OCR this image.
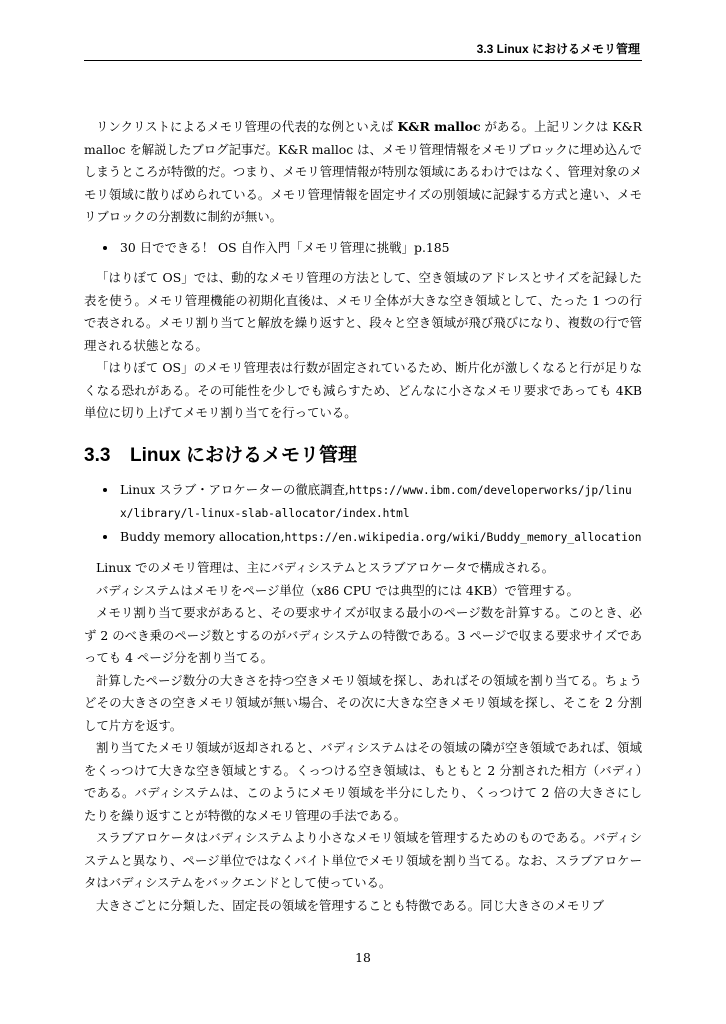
3.3 Linux におけるメモリ管理

リンクリストによるメモリ管理の代表的な例といえば K&R malloc がある。上記リンクは K&R malloc を解説したブログ記事だ。K&R malloc は、メモリ管理情報をメモリブロックに埋め込んでしまうところが特徴的だ。つまり、メモリ管理情報が特別な領域にあるわけではなく、管理対象のメモリ領域に散りばめられている。メモリ管理情報を固定サイズの別領域に記録する方式と違い、メモリブロックの分割数に制約が無い。

• 30 日でできる！ OS 自作入門「メモリ管理に挑戦」p.185

「はりぼて OS」では、動的なメモリ管理の方法として、空き領域のアドレスとサイズを記録した表を使う。メモリ管理機能の初期化直後は、メモリ全体が大きな空き領域として、たった 1 つの行で表される。メモリ割り当てと解放を繰り返すと、段々と空き領域が飛び飛びになり、複数の行で管理される状態となる。

「はりぼて OS」のメモリ管理表は行数が固定されているため、断片化が激しくなると行が足りなくなる恐れがある。その可能性を少しでも減らすため、どんなに小さなメモリ要求であっても 4KB 単位に切り上げてメモリ割り当てを行っている。

3.3 Linux におけるメモリ管理
• Linux スラブ・アロケーターの徹底調査,https://www.ibm.com/developerworks/jp/linux/library/l-linux-slab-allocator/index.html
• Buddy memory allocation,https://en.wikipedia.org/wiki/Buddy_memory_allocation

Linux でのメモリ管理は、主にバディシステムとスラブアロケータで構成される。

バディシステムはメモリをページ単位（x86 CPU では典型的には 4KB）で管理する。

メモリ割り当て要求があると、その要求サイズが収まる最小のページ数を計算する。このとき、必ず 2 のべき乗のページ数とするのがバディシステムの特徴である。3 ページで収まる要求サイズであっても 4 ページ分を割り当てる。

計算したページ数分の大きさを持つ空きメモリ領域を探し、あればその領域を割り当てる。ちょうどその大きさの空きメモリ領域が無い場合、その次に大きな空きメモリ領域を探し、そこを 2 分割して片方を返す。

割り当てたメモリ領域が返却されると、バディシステムはその領域の隣が空き領域であれば、領域をくっつけて大きな空き領域とする。くっつける空き領域は、もともと 2 分割された相方（バディ）である。バディシステムは、このようにメモリ領域を半分にしたり、くっつけて 2 倍の大きさにしたりを繰り返すことが特徴的なメモリ管理の手法である。

スラブアロケータはバディシステムより小さなメモリ領域を管理するためのものである。バディシステムと異なり、ページ単位ではなくバイト単位でメモリ領域を割り当てる。なお、スラブアロケータはバディシステムをバックエンドとして使っている。

大きさごとに分類した、固定長の領域を管理することも特徴である。同じ大きさのメモリブ

18
